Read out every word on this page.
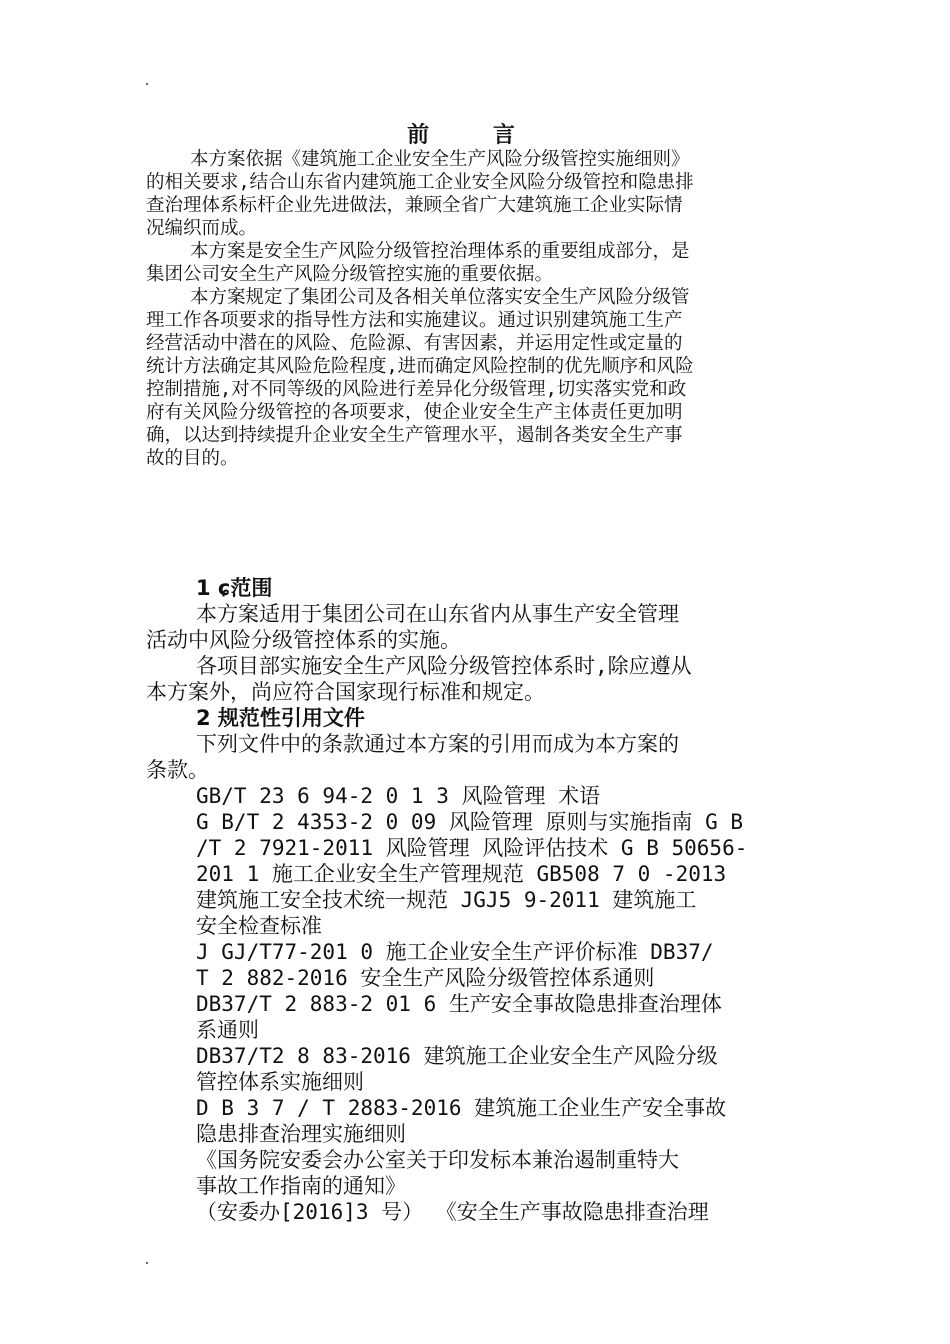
前 言
本方案依据《建筑施工企业安全生产风险分级管控实施细则》
的相关要求,结合山东省内建筑施工企业安全风险分级管控和隐患排
查治理体系标杆企业先进做法，兼顾全省广大建筑施工企业实际情
况编织而成。
本方案是安全生产风险分级管控治理体系的重要组成部分，是
集团公司安全生产风险分级管控实施的重要依据。
本方案规定了集团公司及各相关单位落实安全生产风险分级管
理工作各项要求的指导性方法和实施建议。通过识别建筑施工生产
经营活动中潜在的风险、危险源、有害因素，并运用定性或定量的
统计方法确定其风险危险程度,进而确定风险控制的优先顺序和风险
控制措施,对不同等级的风险进行差异化分级管理,切实落实党和政
府有关风险分级管控的各项要求，使企业安全生产主体责任更加明
确，以达到持续提升企业安全生产管理水平，遏制各类安全生产事
故的目的。
1 ɕ范围
本方案适用于集团公司在山东省内从事生产安全管理
活动中风险分级管控体系的实施。
各项目部实施安全生产风险分级管控体系时,除应遵从
本方案外，尚应符合国家现行标准和规定。
2 规范性引用文件
下列文件中的条款通过本方案的引用而成为本方案的
条款。
GB/T 23 6 94-2 0 1 3 风险管理 术语
G B/T 2 4353-2 0 09 风险管理 原则与实施指南 G B
/T 2 7921-2011 风险管理 风险评估技术 G B 50656-
201 1 施工企业安全生产管理规范 GB508 7 0 -2013
建筑施工安全技术统一规范 JGJ5 9-2011 建筑施工
安全检查标准
J GJ/T77-201 0 施工企业安全生产评价标准 DB37/
T 2 882-2016 安全生产风险分级管控体系通则
DB37/T 2 883-2 01 6 生产安全事故隐患排查治理体
系通则
DB37/T2 8 83-2016 建筑施工企业安全生产风险分级
管控体系实施细则
D B 3 7 / T 2883-2016 建筑施工企业生产安全事故
隐患排查治理实施细则
《国务院安委会办公室关于印发标本兼治遏制重特大
事故工作指南的通知》
（安委办[2016]3 号） 《安全生产事故隐患排查治理
